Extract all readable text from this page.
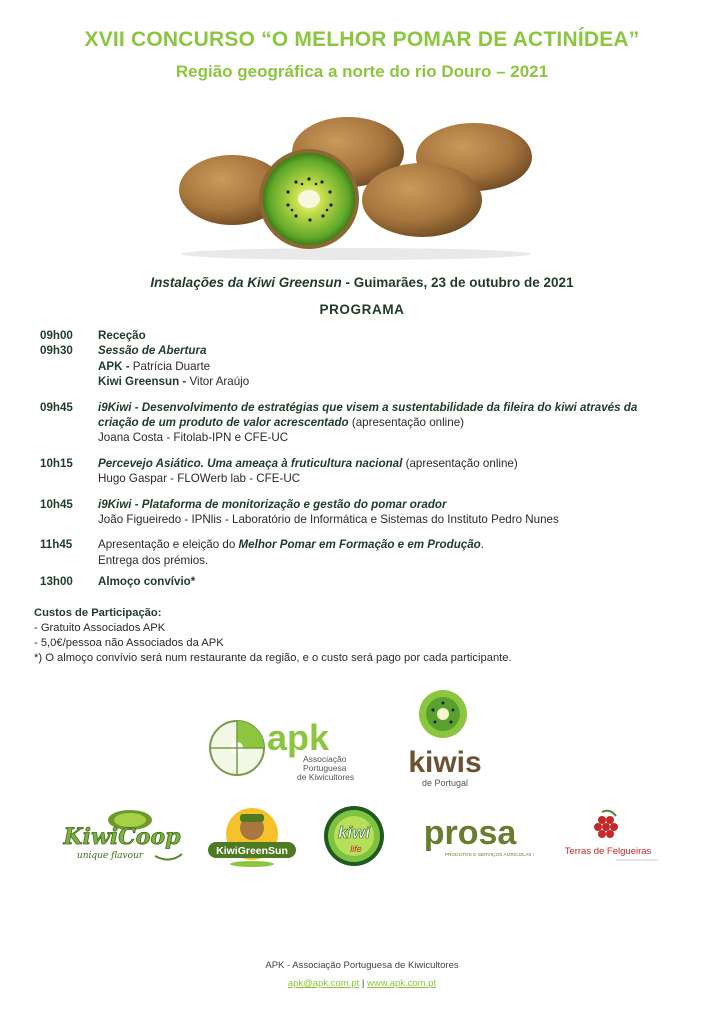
XVII CONCURSO “O MELHOR POMAR DE ACTINÍDEA”
Região geográfica a norte do rio Douro – 2021
Instalações da Kiwi Greensun - Guimarães, 23 de outubro de 2021
PROGRAMA
09h00	Receção
09h30	Sessão de Abertura
APK - Patrícia Duarte
Kiwi Greensun - Vitor Araújo
09h45	i9Kiwi - Desenvolvimento de estratégias que visem a sustentabilidade da fileira do kiwi através da criação de um produto de valor acrescentado (apresentação online)
Joana Costa - Fitolab-IPN e CFE-UC
10h15	Percevejo Asiático. Uma ameaça à fruticultura nacional (apresentação online)
Hugo Gaspar - FLOWerb lab - CFE-UC
10h45	i9Kiwi - Plataforma de monitorização e gestão do pomar orador
João Figueiredo - IPNlis - Laboratório de Informática e Sistemas do Instituto Pedro Nunes
11h45	Apresentação e eleição do Melhor Pomar em Formação e em Produção.
Entrega dos prémios.
13h00	Almoço convívio*
Custos de Participação:
- Gratuito Associados APK
- 5,0€/pessoa não Associados da APK
*) O almoço convívio será num restaurante da região, e o custo será pago por cada participante.
apk
Associação
Portuguesa
de Kiwicultores kiwis
de Portugal
KiwiCoop
unique flavour	KiwiGreenSun
kiwi
life prosa
PRODUTOS E SERVIÇOS AGRÍCOLAS SA	Terras de Felgueiras
APK - Associação Portuguesa de Kiwicultores
apk@apk.com.pt | www.apk.com.pt
